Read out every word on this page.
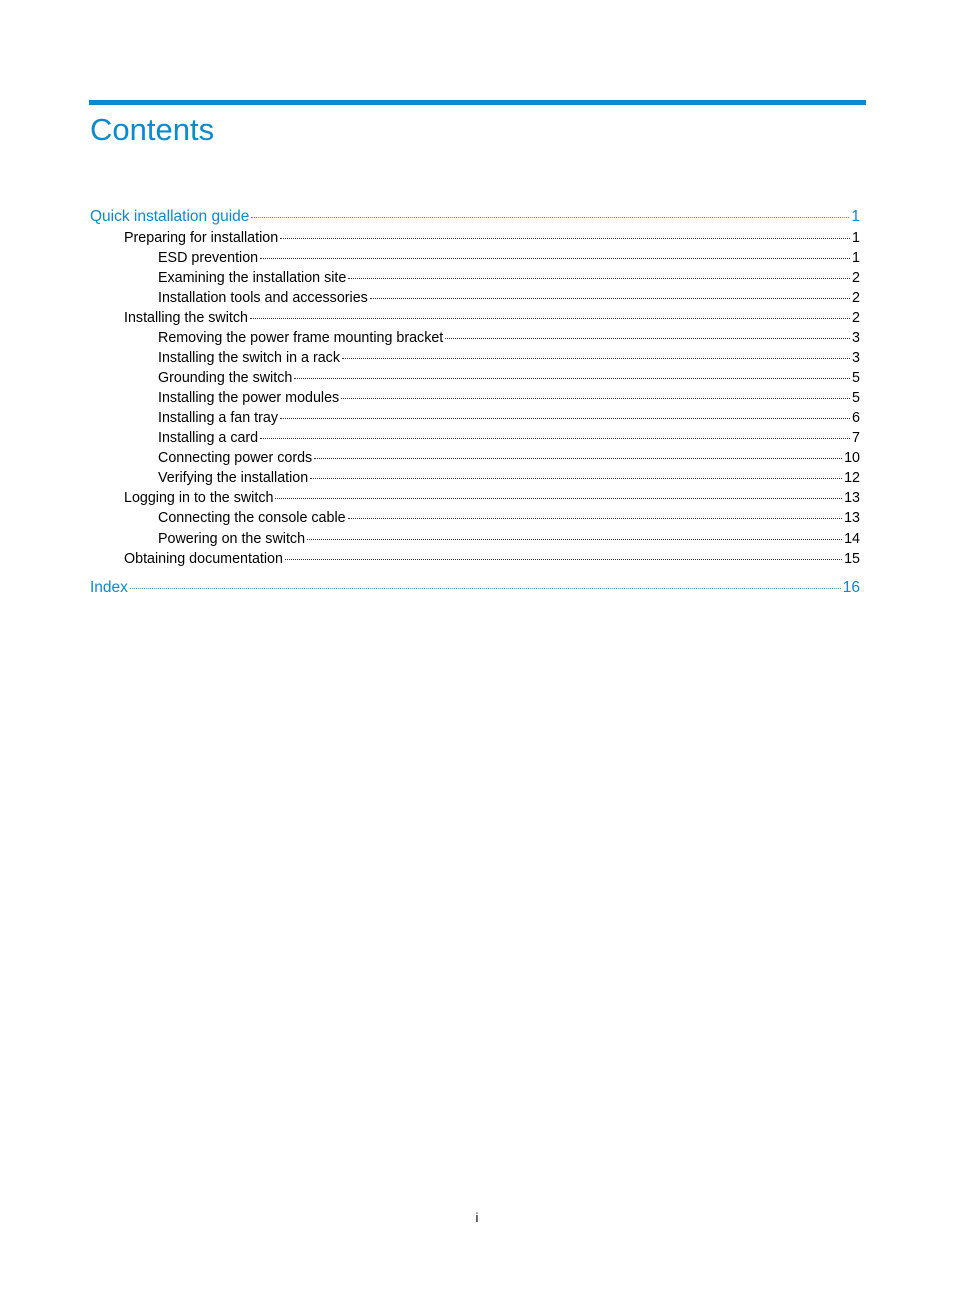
Contents
Quick installation guide	1
Preparing for installation	1
ESD prevention	1
Examining the installation site	2
Installation tools and accessories	2
Installing the switch	2
Removing the power frame mounting bracket	3
Installing the switch in a rack	3
Grounding the switch	5
Installing the power modules	5
Installing a fan tray	6
Installing a card	7
Connecting power cords	10
Verifying the installation	12
Logging in to the switch	13
Connecting the console cable	13
Powering on the switch	14
Obtaining documentation	15
Index	16
i
